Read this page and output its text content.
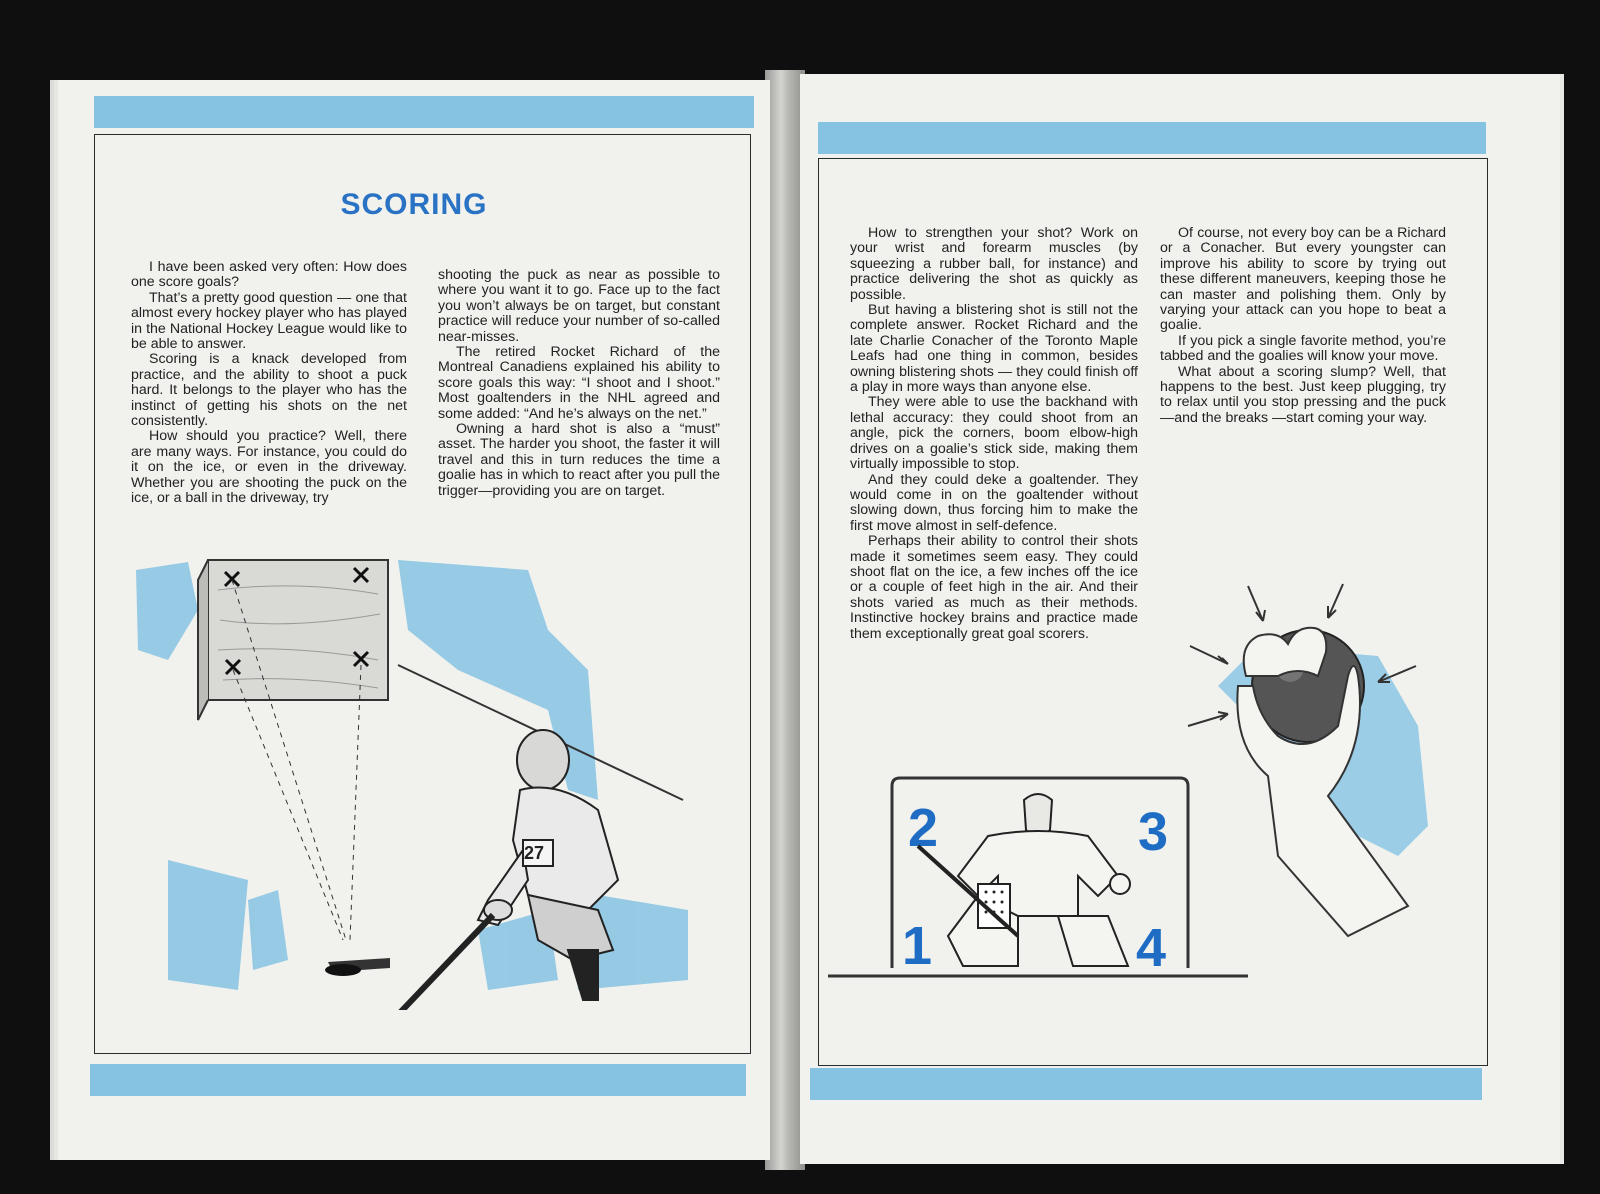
SCORING

I have been asked very often: How does one score goals?

That’s a pretty good question — one that almost every hockey player who has played in the National Hockey League would like to be able to answer.

Scoring is a knack developed from practice, and the ability to shoot a puck hard. It belongs to the player who has the instinct of getting his shots on the net consistently.

How should you practice? Well, there are many ways. For instance, you could do it on the ice, or even in the driveway. Whether you are shooting the puck on the ice, or a ball in the driveway, try

shooting the puck as near as possible to where you want it to go. Face up to the fact you won’t always be on target, but constant practice will reduce your number of so-called near-misses.

The retired Rocket Richard of the Montreal Canadiens explained his ability to score goals this way: “I shoot and I shoot.” Most goaltenders in the NHL agreed and some added: “And he’s always on the net.”

Owning a hard shot is also a “must” asset. The harder you shoot, the faster it will travel and this in turn reduces the time a goalie has in which to react after you pull the trigger—providing you are on target.

27

How to strengthen your shot? Work on your wrist and forearm muscles (by squeezing a rubber ball, for instance) and practice delivering the shot as quickly as possible.

But having a blistering shot is still not the complete answer. Rocket Richard and the late Charlie Conacher of the Toronto Maple Leafs had one thing in common, besides owning blistering shots — they could finish off a play in more ways than anyone else.

They were able to use the backhand with lethal accuracy: they could shoot from an angle, pick the corners, boom elbow-high drives on a goalie’s stick side, making them virtually impossible to stop.

And they could deke a goaltender. They would come in on the goaltender without slowing down, thus forcing him to make the first move almost in self-defence.

Perhaps their ability to control their shots made it sometimes seem easy. They could shoot flat on the ice, a few inches off the ice or a couple of feet high in the air. And their shots varied as much as their methods. Instinctive hockey brains and practice made them exceptionally great goal scorers.

Of course, not every boy can be a Richard or a Conacher. But every youngster can improve his ability to score by trying out these different maneuvers, keeping those he can master and polishing them. Only by varying your attack can you hope to beat a goalie.

If you pick a single favorite method, you’re tabbed and the goalies will know your move.

What about a scoring slump? Well, that happens to the best. Just keep plugging, try to relax until you stop pressing and the puck—and the breaks —start coming your way.

2	3
1	4
